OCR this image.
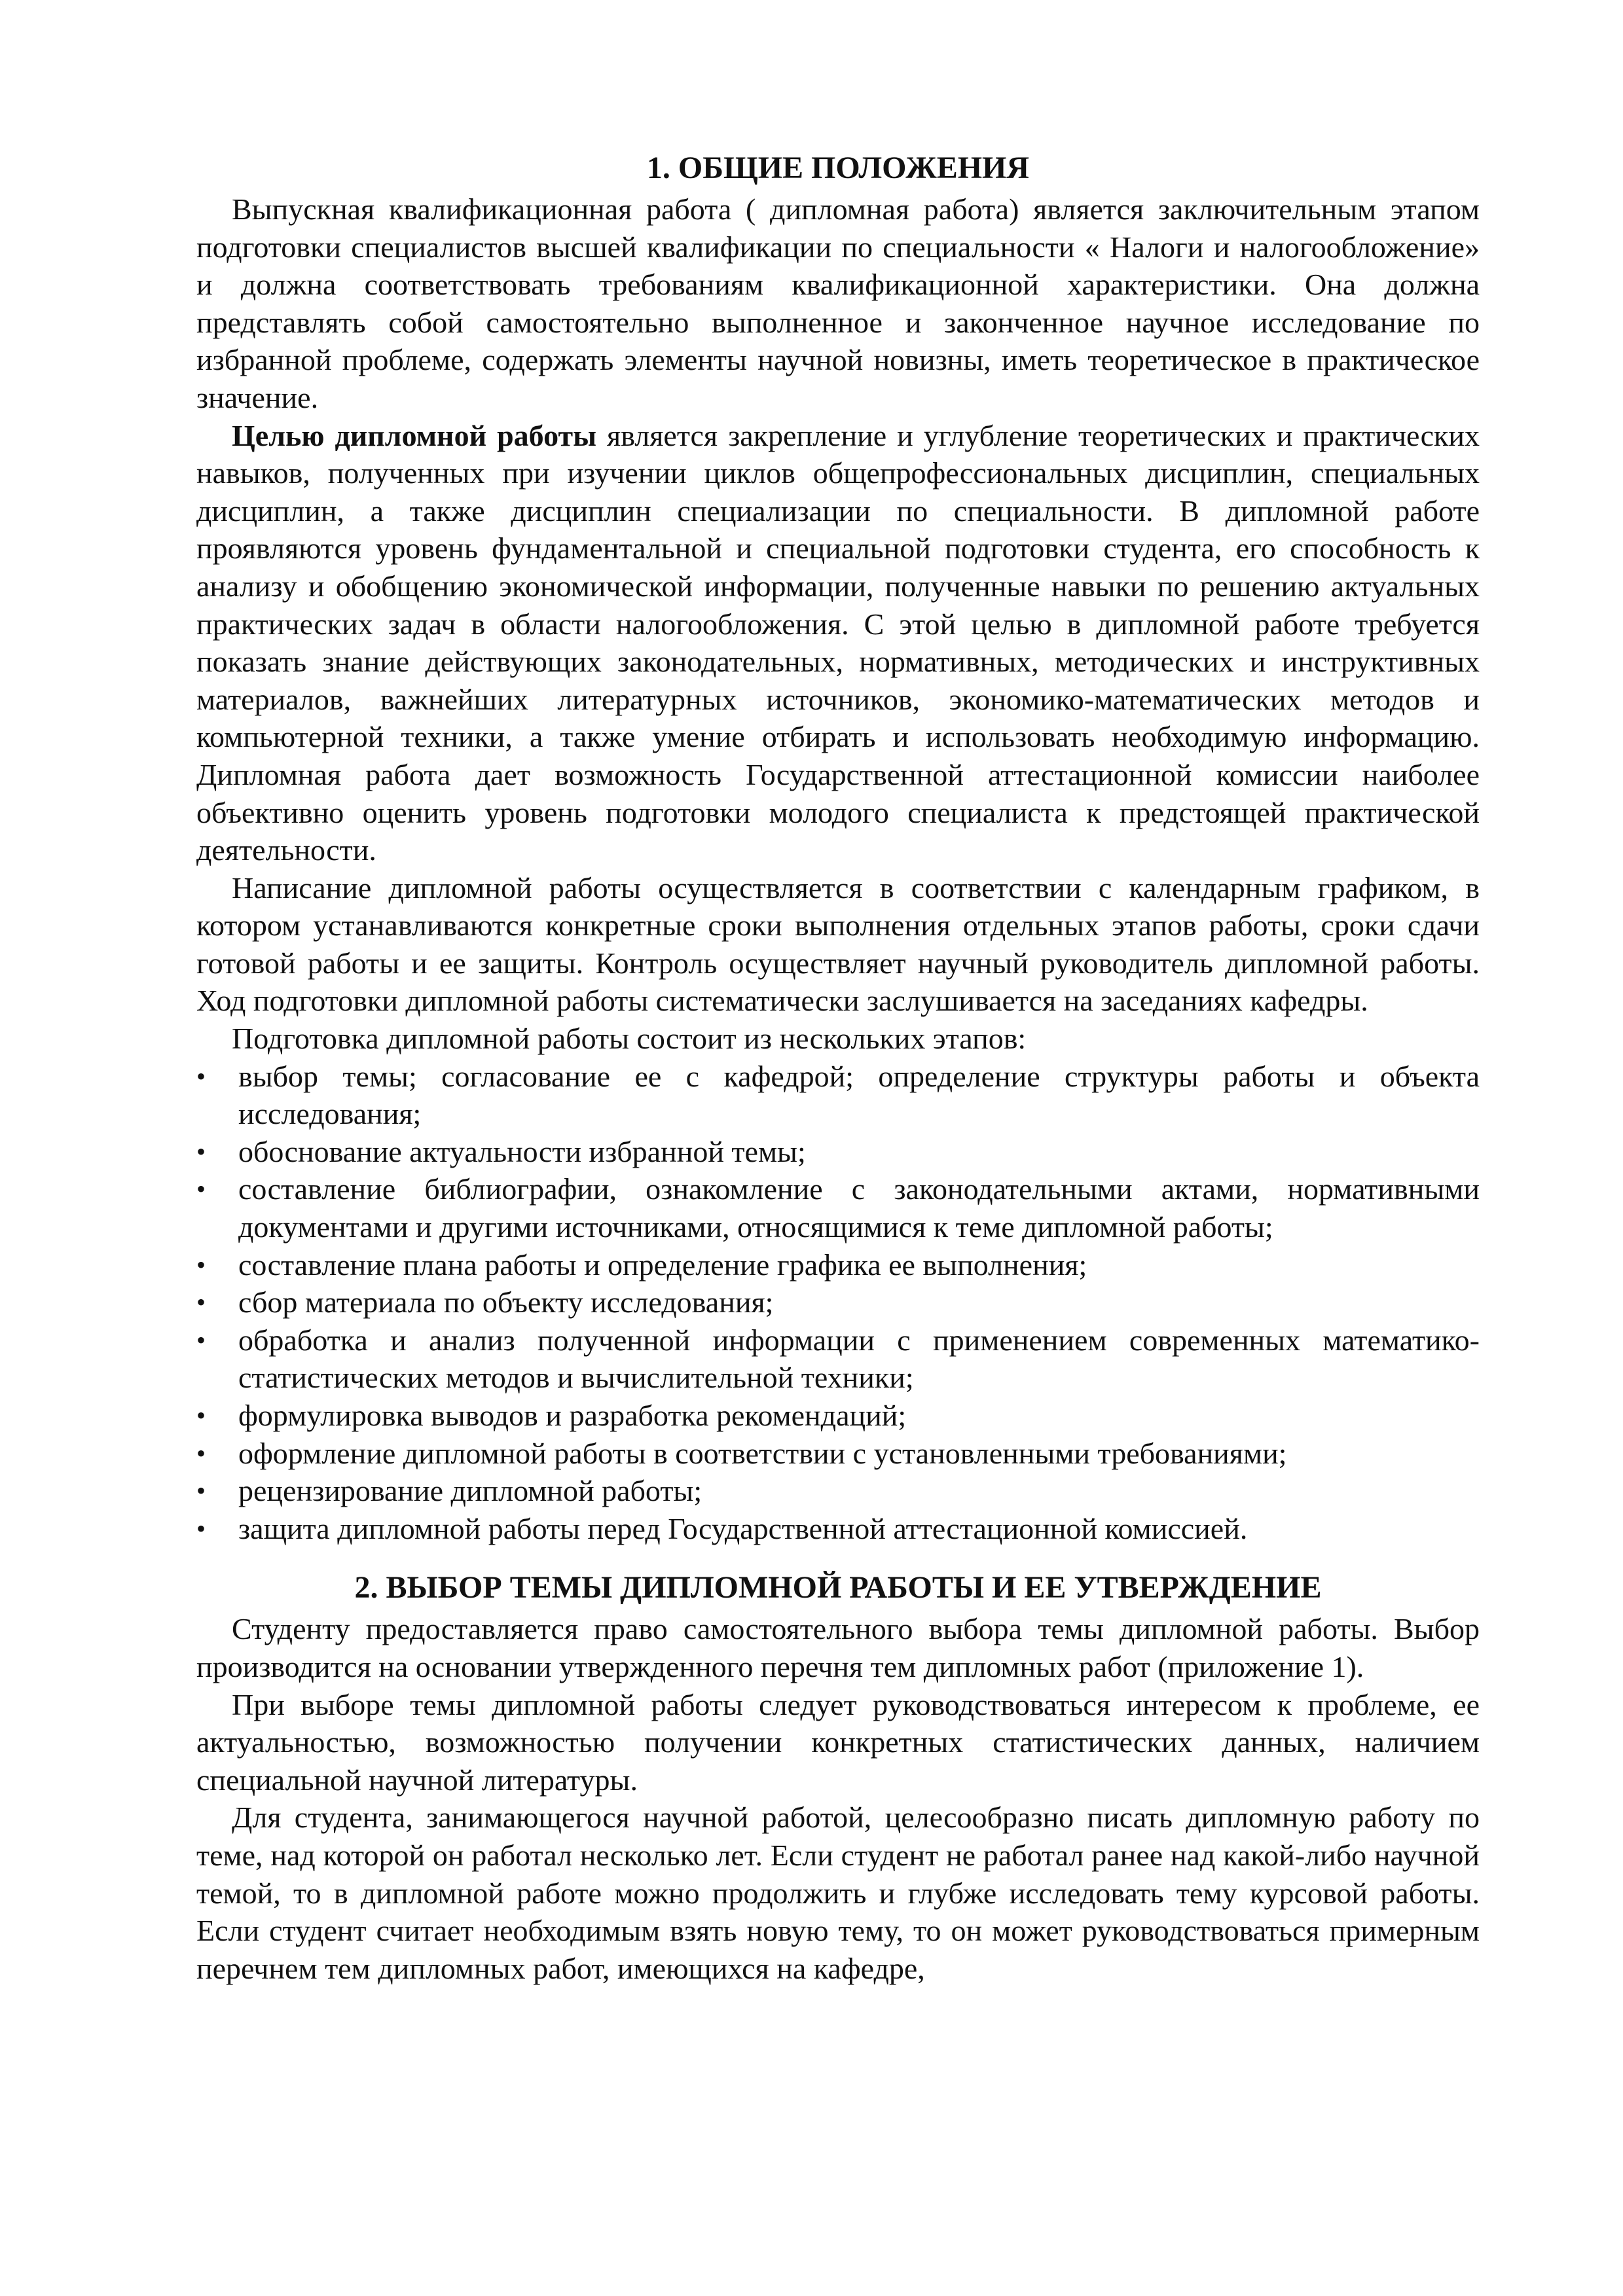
1. ОБЩИЕ ПОЛОЖЕНИЯ

Выпускная квалификационная работа ( дипломная работа) является заключительным этапом подготовки специалистов высшей квалификации по специальности « Налоги и налогообложение» и должна соответствовать требованиям квалификационной характеристики. Она должна представлять собой самостоятельно выполненное и законченное научное исследование по избранной проблеме, содержать элементы научной новизны, иметь теоретическое в практическое значение.

Целью дипломной работы является закрепление и углубление теоретических и практических навыков, полученных при изучении циклов общепрофессиональных дисциплин, специальных дисциплин, а также дисциплин специализации по специальности. В дипломной работе проявляются уровень фундаментальной и специальной подготовки студента, его способность к анализу и обобщению экономической информации, полученные навыки по решению актуальных практических задач в области налогообложения. С этой целью в дипломной работе требуется показать знание действующих законодательных, нормативных, методических и инструктивных материалов, важнейших литературных источников, экономико-математических методов и компьютерной техники, а также умение отбирать и использовать необходимую информацию. Дипломная работа дает возможность Государственной аттестационной комиссии наиболее объективно оценить уровень подготовки молодого специалиста к предстоящей практической деятельности.

Написание дипломной работы осуществляется в соответствии с календарным графиком, в котором устанавливаются конкретные сроки выполнения отдельных этапов работы, сроки сдачи готовой работы и ее защиты. Контроль осуществляет научный руководитель дипломной работы. Ход подготовки дипломной работы систематически заслушивается на заседаниях кафедры.

Подготовка дипломной работы состоит из нескольких этапов:

•	выбор темы; согласование ее с кафедрой; определение структуры работы и объекта исследования;
•	обоснование актуальности избранной темы;
•	составление библиографии, ознакомление с законодательными актами, нормативными документами и другими источниками, относящимися к теме дипломной работы;
•	составление плана работы и определение графика ее выполнения;
•	сбор материала по объекту исследования;
•	обработка и анализ полученной информации с применением современных математико-статистических методов и вычислительной техники;
•	формулировка выводов и разработка рекомендаций;
•	оформление дипломной работы в соответствии с установленными требованиями;
•	рецензирование дипломной работы;
•	защита дипломной работы перед Государственной аттестационной комиссией.
2. ВЫБОР ТЕМЫ ДИПЛОМНОЙ РАБОТЫ И ЕЕ УТВЕРЖДЕНИЕ

Студенту предоставляется право самостоятельного выбора темы дипломной работы. Выбор производится на основании утвержденного перечня тем дипломных работ (приложение 1).

При выборе темы дипломной работы следует руководствоваться интересом к проблеме, ее актуальностью, возможностью получении конкретных статистических данных, наличием специальной научной литературы.

Для студента, занимающегося научной работой, целесообразно писать дипломную работу по теме, над которой он работал несколько лет. Если студент не работал ранее над какой-либо научной темой, то в дипломной работе можно продолжить и глубже исследовать тему курсовой работы. Если студент считает необходимым взять новую тему, то он может руководствоваться примерным перечнем тем дипломных работ, имеющихся на кафедре,
